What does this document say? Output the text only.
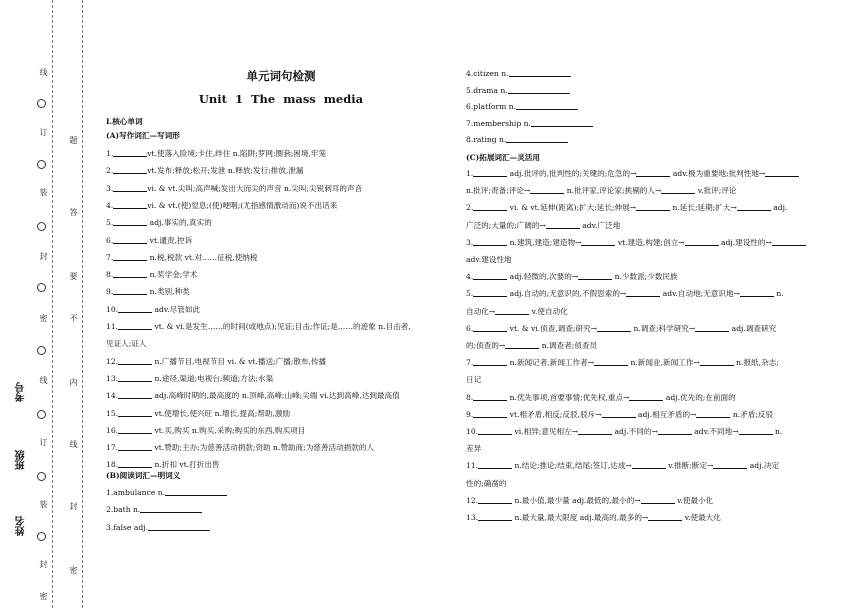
线
订
装
封
密
线
订
装
封
密
题
答
要
不
内
线
封
密
考号
班级
姓名
单元词句检测
Unit 1 The mass media
Ⅰ.核心单词
(A)写作词汇—写词形
1.	vt.使落入险境;卡住,绊住 n.陷阱;罗网;圈套;困境,牢笼
2.	vt.发布;释放;松开;发泄 n.释放;发行;排放,泄漏
3.	vi. & vt.尖叫;高声喊;发出大而尖的声音 n.尖叫;尖锐刺耳的声音
4.	vi. & vt.(使)窒息;(使)哽咽;(尤指感情激动而)说不出话来
5.	adj.事实的,真实的
6.	vt.谴责,控诉
7.	n.税,税款 vt.对……征税,使纳税
8.	n.奖学金;学术
9.	n.类别,种类
10.	adv.尽管如此
11.	vt. & vi.是发生……的时间(或地点);见证;目击;作证;是……的迹象 n.目击者,
见证人;证人
12.	n.广播节目,电视节目 vi. & vt.播送;广播;散布,传播
13.	n.途径,渠道;电视台;频道;方法;水渠
14.	adj.高峰时期的,最高度的 n.顶峰,高峰;山峰;尖端 vi.达到高峰,达到最高值
15.	vt.使增长,使兴旺 n.增长,提高;帮助,激励
16.	vt.买,购买 n.购买,采购;购买的东西,购买项目
17.	vt.赞助;主办;为慈善活动捐款;资助 n.赞助商;为慈善活动捐款的人
18.	n.折扣 vt.打折出售
(B)阅读词汇—明词义
1.ambulance n.
2.bath n.
3.false adj.
4.citizen n.
5.drama n.
6.platform n.
7.membership n.
8.rating n.
(C)拓展词汇—灵活用
1.	adj.批评的,批判性的;关键的;危急的→	adv.极为重要地;批判性地→
n.批评;责备;评论→	n.批评家,评论家;挑剔的人→	v.批评;评论
2.	vi. & vt.延伸(距离);扩大;延长;伸展→	n.延长;延期;扩大→	adj.
广泛的;大量的;广阔的→	adv.广泛地
3.	n.建筑,建造;建造物→	vt.建造,构建;创立→	adj.建设性的→
adv.建设性地
4.	adj.轻微的,次要的→	n.少数派;少数民族
5.	adj.自动的;无意识的,不假思索的→	adv.自动地;无意识地→	n.
自动化→	v.使自动化
6.	vt. & vi.侦查,调查;研究→	n.调查;科学研究→	adj.调查研究
的;侦查的→	n.调查者;侦查员
7.	n.新闻记者,新闻工作者→	n.新闻业,新闻工作→	n.报纸,杂志;
日记
8.	n.优先事项,首要事情;优先权,重点→	adj.优先的;在前面的
9.	vt.相矛盾,相反;反驳,驳斥→	adj.相互矛盾的→	n.矛盾;反驳
10.	vi.相异;意见相左→	adj.不同的→	adv.不同地→	n.
差异
11.	n.结论;推论;结束,结尾;签订,达成→	v.推断;断定→	adj.决定
性的;确凿的
12.	n.最小值,最少量 adj.最低的,最小的→	v.使最小化
13.	n.最大量,最大限度 adj.最高的,最多的→	v.使最大化
